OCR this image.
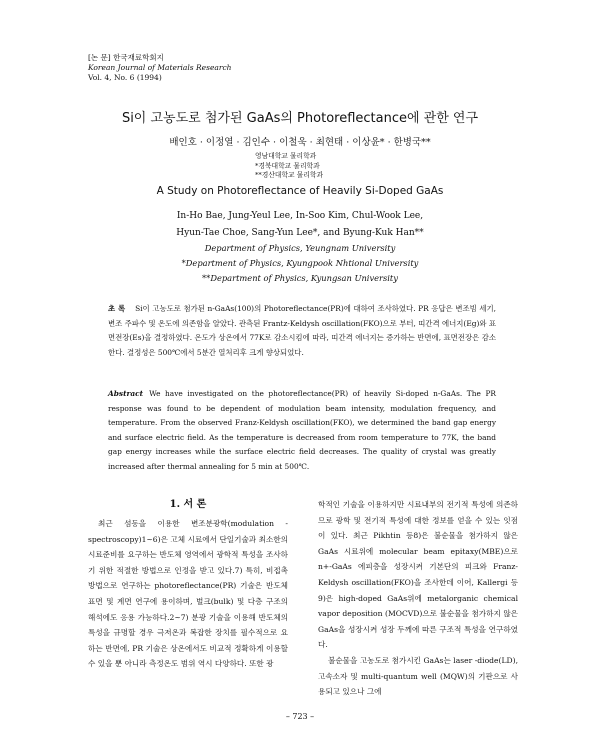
[논 문] 한국재료학회지
Korean Journal of Materials Research
Vol. 4, No. 6 (1994)
Si이 고농도로 첨가된 GaAs의 Photoreflectance에 관한 연구
배인호 · 이정열 · 김인수 · 이철욱 · 최현태 · 이상윤* · 한병국**
영남대학교 물리학과
*경북대학교 물리학과
**경산대학교 물리학과
A Study on Photoreflectance of Heavily Si-Doped GaAs
In-Ho Bae, Jung-Yeul Lee, In-Soo Kim, Chul-Wook Lee,
Hyun-Tae Choe, Sang-Yun Lee*, and Byung-Kuk Han**
Department of Physics, Yeungnam University
*Department of Physics, Kyungpook Nhtional University
**Department of Physics, Kyungsan University
초 록 Si이 고농도로 첨가된 n-GaAs(100)의 Photoreflectance(PR)에 대하여 조사하였다. PR 응답은 변조빔 세기, 변조 주파수 및 온도에 의존함을 알았다. 관측된 Frantz-Keldysh oscillation(FKO)으로 부터, 띠간격 에너지(Eg)와 표면전장(Es)을 결정하였다. 온도가 상온에서 77K로 감소시킴에 따라, 띠간격 에너지는 증가하는 반면에, 표면전장은 감소한다. 결정성은 500℃에서 5분간 열처리후 크게 향상되었다.
Abstract We have investigated on the photoreflectance(PR) of heavily Si-doped n-GaAs. The PR response was found to be dependent of modulation beam intensity, modulation frequency, and temperature. From the observed Franz-Keldysh oscillation(FKO), we determined the band gap energy and surface electric field. As the temperature is decreased from room temperature to 77K, the band gap energy increases while the surface electric field decreases. The quality of crystal was greatly increased after thermal annealing for 5 min at 500℃.
1. 서 론

최근 섬동을 이용한 변조분광학(modulation -spectroscopy)1~6)은 고체 시료에서 단일기술과 최소한의 시료준비를 요구하는 반도체 영역에서 광학적 특성을 조사하기 위한 적절한 방법으로 인정을 받고 있다.7) 특히, 비접촉 방법으로 연구하는 photoreflectance(PR) 기술은 반도체 표면 및 계면 연구에 용이하며, 벌크(bulk) 및 다층 구조의 해석에도 응용 가능하다.2~7) 분광 기술을 이용해 반도체의 특성을 규명할 경우 극저온과 복잡한 장치를 필수적으로 요하는 반면에, PR 기술은 상온에서도 비교적 정확하게 이용할 수 있을 뿐 아니라 측정온도 범위 역시 다양하다. 또한 광

학적인 기술을 이용하지만 시료내부의 전기적 특성에 의존하므로 광학 및 전기적 특성에 대한 정보를 얻을 수 있는 잇점이 있다. 최근 Pikhtin 등8)은 불순물을 첨가하지 않은 GaAs 시료위에 molecular beam epitaxy(MBE)으로 n+-GaAs 에피층을 성장시켜 기본단의 피크와 Franz-Keldysh oscillation(FKO)을 조사한데 이어, Kallergi 등9)은 high-doped GaAs위에 metalorganic chemical vapor deposition (MOCVD)으로 불순물을 첨가하지 않은 GaAs을 성장시켜 성장 두께에 따른 구조적 특성을 연구하였다.

불순물을 고농도로 첨가시킨 GaAs는 laser -diode(LD), 고속소자 및 multi-quantum well (MQW)의 기판으로 사용되고 있으나 그에

– 723 –
